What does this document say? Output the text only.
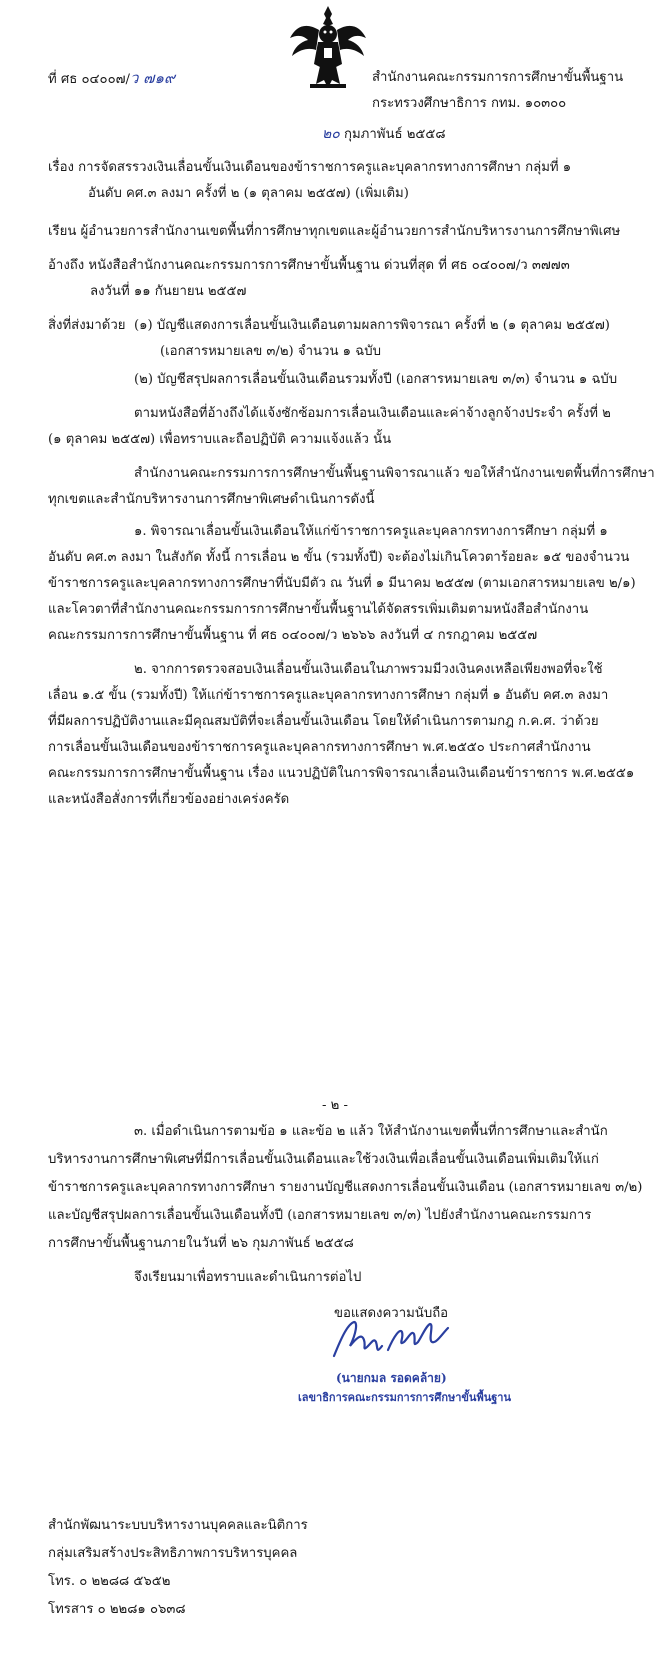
ที่ ศธ ๐๔๐๐๗/ว ๗๑๙	สำนักงานคณะกรรมการการศึกษาขั้นพื้นฐาน
กระทรวงศึกษาธิการ กทม. ๑๐๓๐๐
๒๐ กุมภาพันธ์ ๒๕๕๘
เรื่อง การจัดสรรวงเงินเลื่อนขั้นเงินเดือนของข้าราชการครูและบุคลากรทางการศึกษา กลุ่มที่ ๑
อันดับ คศ.๓ ลงมา ครั้งที่ ๒ (๑ ตุลาคม ๒๕๕๗) (เพิ่มเติม)
เรียน ผู้อำนวยการสำนักงานเขตพื้นที่การศึกษาทุกเขตและผู้อำนวยการสำนักบริหารงานการศึกษาพิเศษ
อ้างถึง หนังสือสำนักงานคณะกรรมการการศึกษาขั้นพื้นฐาน ด่วนที่สุด ที่ ศธ ๐๔๐๐๗/ว ๓๗๗๓
ลงวันที่ ๑๑ กันยายน ๒๕๕๗
สิ่งที่ส่งมาด้วย (๑) บัญชีแสดงการเลื่อนขั้นเงินเดือนตามผลการพิจารณา ครั้งที่ ๒ (๑ ตุลาคม ๒๕๕๗)
(เอกสารหมายเลข ๓/๒) จำนวน ๑ ฉบับ
(๒) บัญชีสรุปผลการเลื่อนขั้นเงินเดือนรวมทั้งปี (เอกสารหมายเลข ๓/๓) จำนวน ๑ ฉบับ
ตามหนังสือที่อ้างถึงได้แจ้งซักซ้อมการเลื่อนเงินเดือนและค่าจ้างลูกจ้างประจำ ครั้งที่ ๒
(๑ ตุลาคม ๒๕๕๗) เพื่อทราบและถือปฏิบัติ ความแจ้งแล้ว นั้น
สำนักงานคณะกรรมการการศึกษาขั้นพื้นฐานพิจารณาแล้ว ขอให้สำนักงานเขตพื้นที่การศึกษา
ทุกเขตและสำนักบริหารงานการศึกษาพิเศษดำเนินการดังนี้
๑. พิจารณาเลื่อนขั้นเงินเดือนให้แก่ข้าราชการครูและบุคลากรทางการศึกษา กลุ่มที่ ๑
อันดับ คศ.๓ ลงมา ในสังกัด ทั้งนี้ การเลื่อน ๒ ขั้น (รวมทั้งปี) จะต้องไม่เกินโควตาร้อยละ ๑๕ ของจำนวน
ข้าราชการครูและบุคลากรทางการศึกษาที่นับมีตัว ณ วันที่ ๑ มีนาคม ๒๕๕๗ (ตามเอกสารหมายเลข ๒/๑)
และโควตาที่สำนักงานคณะกรรมการการศึกษาขั้นพื้นฐานได้จัดสรรเพิ่มเติมตามหนังสือสำนักงาน
คณะกรรมการการศึกษาขั้นพื้นฐาน ที่ ศธ ๐๔๐๐๗/ว ๒๖๖๖ ลงวันที่ ๔ กรกฎาคม ๒๕๕๗
๒. จากการตรวจสอบเงินเลื่อนขั้นเงินเดือนในภาพรวมมีวงเงินคงเหลือเพียงพอที่จะใช้
เลื่อน ๑.๕ ขั้น (รวมทั้งปี) ให้แก่ข้าราชการครูและบุคลากรทางการศึกษา กลุ่มที่ ๑ อันดับ คศ.๓ ลงมา
ที่มีผลการปฏิบัติงานและมีคุณสมบัติที่จะเลื่อนขั้นเงินเดือน โดยให้ดำเนินการตามกฎ ก.ค.ศ. ว่าด้วย
การเลื่อนขั้นเงินเดือนของข้าราชการครูและบุคลากรทางการศึกษา พ.ศ.๒๕๕๐ ประกาศสำนักงาน
คณะกรรมการการศึกษาขั้นพื้นฐาน เรื่อง แนวปฏิบัติในการพิจารณาเลื่อนเงินเดือนข้าราชการ พ.ศ.๒๕๕๑
และหนังสือสั่งการที่เกี่ยวข้องอย่างเคร่งครัด
- ๒ -
๓. เมื่อดำเนินการตามข้อ ๑ และข้อ ๒ แล้ว ให้สำนักงานเขตพื้นที่การศึกษาและสำนัก
บริหารงานการศึกษาพิเศษที่มีการเลื่อนขั้นเงินเดือนและใช้วงเงินเพื่อเลื่อนขั้นเงินเดือนเพิ่มเติมให้แก่
ข้าราชการครูและบุคลากรทางการศึกษา รายงานบัญชีแสดงการเลื่อนขั้นเงินเดือน (เอกสารหมายเลข ๓/๒)
และบัญชีสรุปผลการเลื่อนขั้นเงินเดือนทั้งปี (เอกสารหมายเลข ๓/๓) ไปยังสำนักงานคณะกรรมการ
การศึกษาขั้นพื้นฐานภายในวันที่ ๒๖ กุมภาพันธ์ ๒๕๕๘
จึงเรียนมาเพื่อทราบและดำเนินการต่อไป
ขอแสดงความนับถือ
(นายกมล รอดคล้าย)
เลขาธิการคณะกรรมการการศึกษาขั้นพื้นฐาน
สำนักพัฒนาระบบบริหารงานบุคคลและนิติการ
กลุ่มเสริมสร้างประสิทธิภาพการบริหารบุคคล
โทร. ๐ ๒๒๘๘ ๕๖๕๒
โทรสาร ๐ ๒๒๘๑ ๐๖๓๘
